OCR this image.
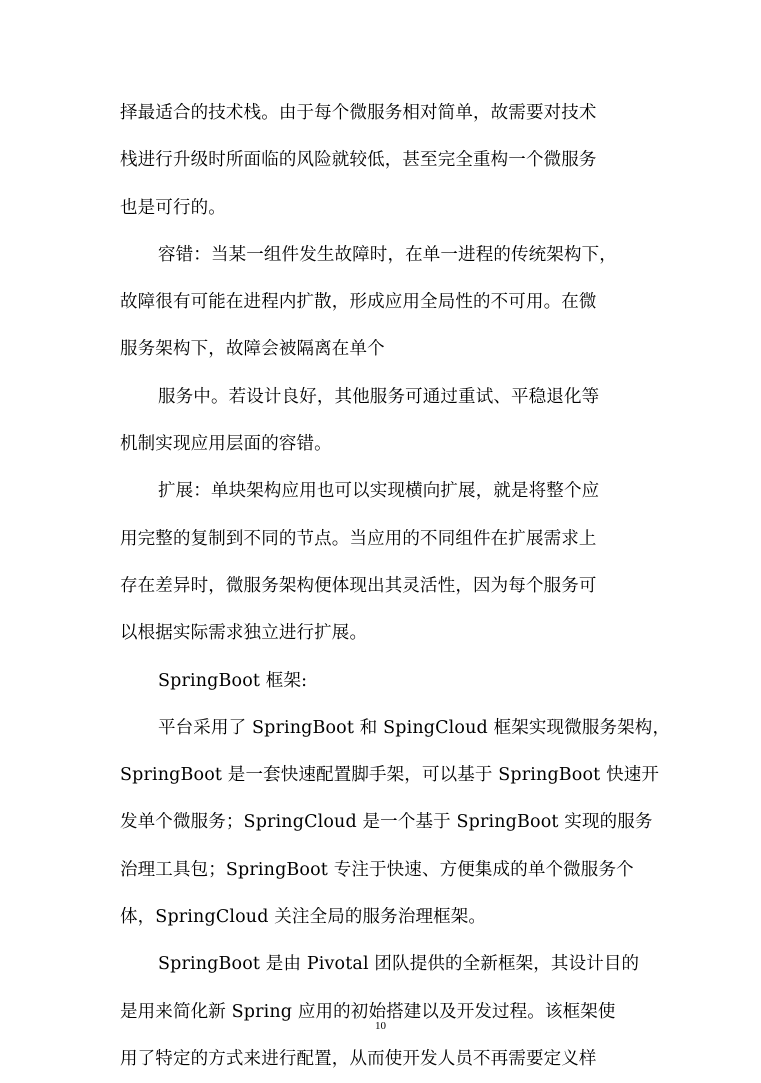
择最适合的技术栈。由于每个微服务相对简单，故需要对技术
栈进行升级时所面临的风险就较低，甚至完全重构一个微服务
也是可行的。
容错：当某一组件发生故障时，在单一进程的传统架构下，
故障很有可能在进程内扩散，形成应用全局性的不可用。在微
服务架构下，故障会被隔离在单个
服务中。若设计良好，其他服务可通过重试、平稳退化等
机制实现应用层面的容错。
扩展：单块架构应用也可以实现横向扩展，就是将整个应
用完整的复制到不同的节点。当应用的不同组件在扩展需求上
存在差异时，微服务架构便体现出其灵活性，因为每个服务可
以根据实际需求独立进行扩展。
SpringBoot 框架:
平台采用了 SpringBoot 和 SpingCloud 框架实现微服务架构，
SpringBoot 是一套快速配置脚手架，可以基于 SpringBoot 快速开
发单个微服务；SpringCloud 是一个基于 SpringBoot 实现的服务
治理工具包；SpringBoot 专注于快速、方便集成的单个微服务个
体，SpringCloud 关注全局的服务治理框架。
SpringBoot 是由 Pivotal 团队提供的全新框架，其设计目的
是用来简化新 Spring 应用的初始搭建以及开发过程。该框架使
用了特定的方式来进行配置，从而使开发人员不再需要定义样
10
